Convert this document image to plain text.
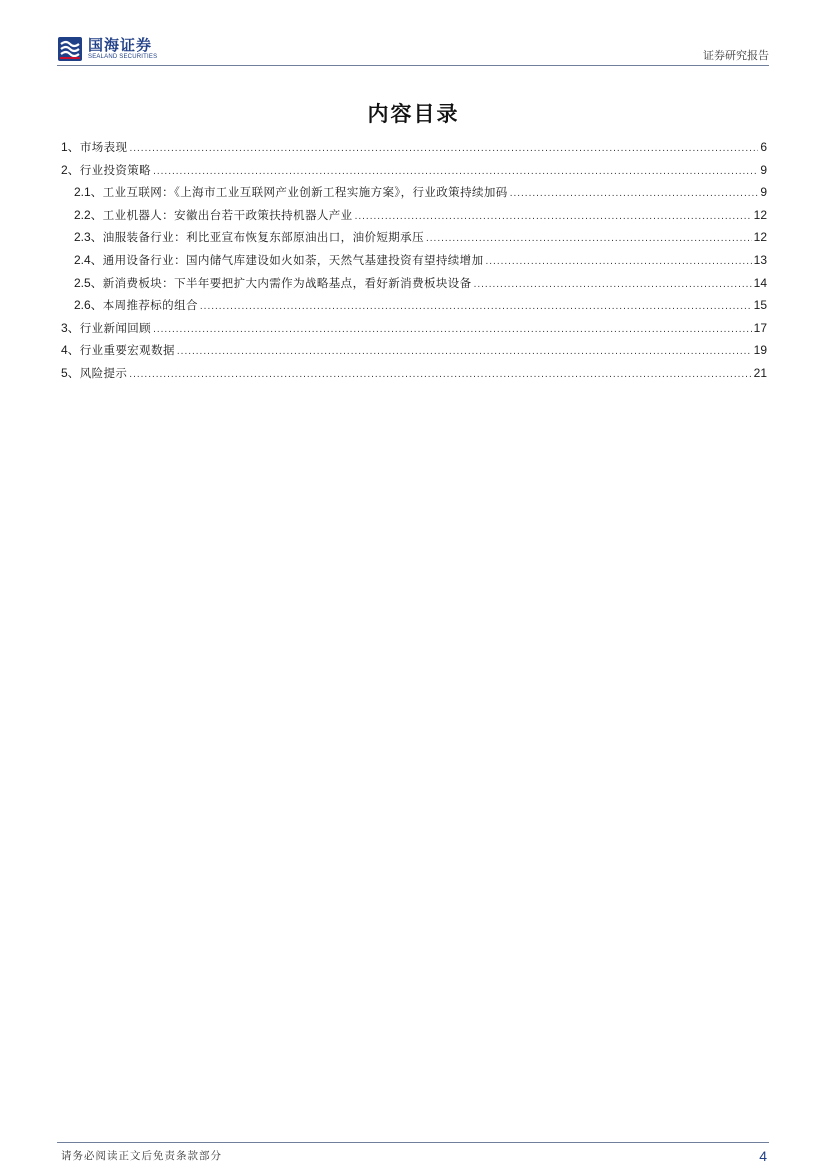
国海证券
SEALAND SECURITIES	证券研究报告
内容目录
1、 市场表现 .....	6
2、 行业投资策略 .....	9
2.1、 工业互联网：《上海市工业互联网产业创新工程实施方案》，行业政策持续加码 .....	9
2.2、 工业机器人：安徽出台若干政策扶持机器人产业 .....	12
2.3、 油服装备行业：利比亚宣布恢复东部原油出口，油价短期承压 .....	12
2.4、 通用设备行业：国内储气库建设如火如荼，天然气基建投资有望持续增加 .....	13
2.5、 新消费板块：下半年要把扩大内需作为战略基点，看好新消费板块设备 .....	14
2.6、 本周推荐标的组合 .....	15
3、 行业新闻回顾 .....	17
4、 行业重要宏观数据 .....	19
5、 风险提示 .....	21
请务必阅读正文后免责条款部分	4
